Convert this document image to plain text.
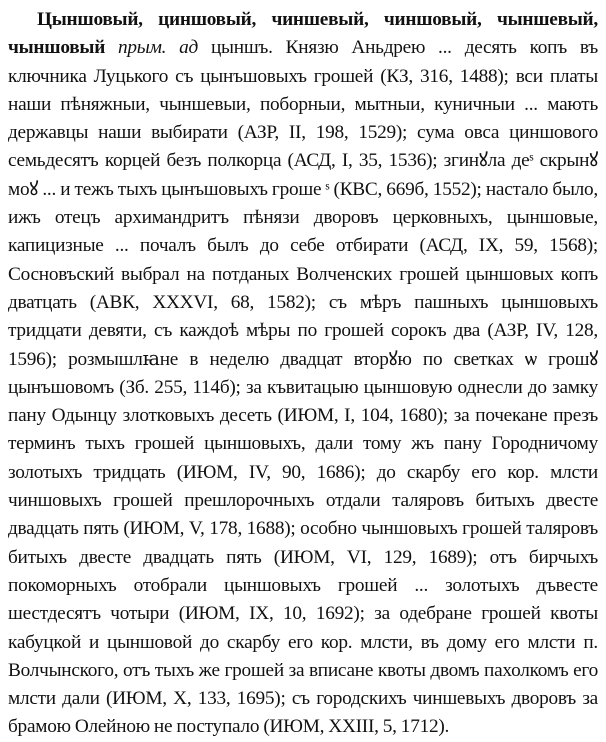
Цыншовый, циншовый, чиншевый, чиншовый, чыншевый, чыншовый прым. ад цыншъ. Князю Аньдрею ... десять копъ въ ключника Луцького съ цынъшовыхъ грошей (КЗ, 316, 1488); вси платы наши пѣняжныи, чыншевыи, поборныи, мытныи, куничныи ... мають державцы наши выбирати (АЗР, II, 198, 1529); сума овса циншового семьдесятъ корцей безъ полкорца (АСД, I, 35, 1536); згинꙋла деˢ скрынꙋ моꙋ ... и тежъ тыхъ цынъшовыхъ гроше ˢ (КВС, 669б, 1552); настало было, ижъ отецъ архимандритъ пѣнязи дворовъ церковныхъ, цыншовые, капицизные ... почалъ былъ до себе отбирати (АСД, IX, 59, 1568); Сосновъский выбрал на потданых Волченских грошей цыншовых копъ дватцать (АВК, XXXVI, 68, 1582); съ мѣръ пашныхъ цыншовыхъ тридцати девяти, съ каждоѣ мѣры по грошей сорокъ два (АЗР, IV, 128, 1596); розмышлꙗне в неделю двадцат вторꙋю по светках ѡ грошꙋ цынъшовомъ (Зб. 255, 114б); за къвитацыю цыншовую однесли до замку пану Одынцу злотковыхъ десеть (ИЮМ, I, 104, 1680); за почекане презъ терминъ тыхъ грошей цыншовыхъ, дали тому жъ пану Городничому золотыхъ тридцать (ИЮМ, IV, 90, 1686); до скарбу его кор. млсти чиншовыхъ грошей прешлорочныхъ отдали таляровъ битыхъ двесте двадцать пять (ИЮМ, V, 178, 1688); особно чыншовыхъ грошей таляровъ битыхъ двесте двадцать пять (ИЮМ, VI, 129, 1689); отъ бирчыхъ покоморныхъ отобрали цыншовыхъ грошей ... золотыхъ дъвесте шестдесятъ чотыри (ИЮМ, IX, 10, 1692); за одебране грошей квоты кабуцкой и цыншовой до скарбу его кор. млсти, въ дому его млсти п. Волчынского, отъ тыхъ же грошей за вписане квоты двомъ пахолкомъ его млсти дали (ИЮМ, X, 133, 1695); съ городскихъ чиншевыхъ дворовъ за брамою Олейною не поступало (ИЮМ, XXIII, 5, 1712).
